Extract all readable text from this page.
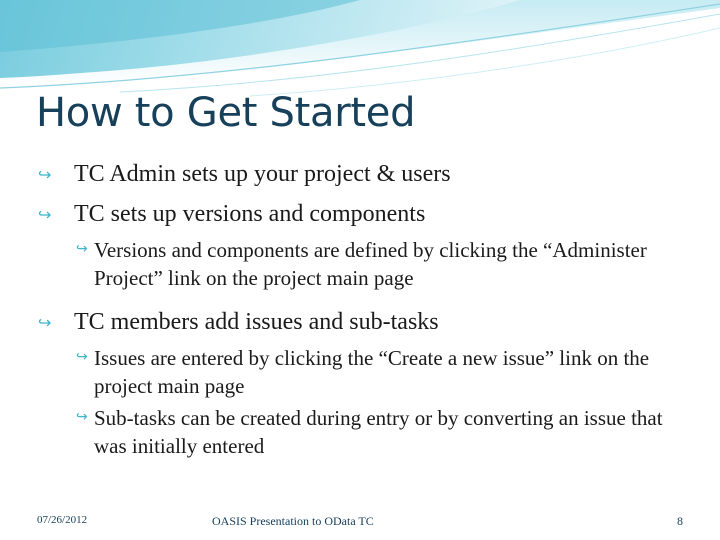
How to Get Started
↪ TC Admin sets up your project & users
↪ TC sets up versions and components
↪ Versions and components are defined by clicking the “Administer Project” link on the project main page
↪ TC members add issues and sub-tasks
↪ Issues are entered by clicking the “Create a new issue” link on the project main page
↪ Sub-tasks can be created during entry or by converting an issue that was initially entered
07/26/2012	OASIS Presentation to OData TC	8
